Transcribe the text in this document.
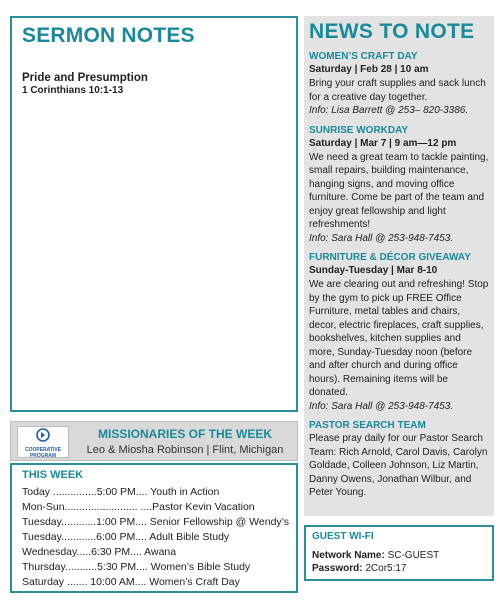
SERMON NOTES
Pride and Presumption
1 Corinthians 10:1-13
COOPERATIVE PROGRAM
MISSIONARIES OF THE WEEK
Leo & Miosha Robinson | Flint, Michigan
THIS WEEK
Today ...............5:00 PM.... Youth in Action
Mon-Sun......................... ....Pastor Kevin Vacation
Tuesday............1:00 PM.... Senior Fellowship @ Wendy’s
Tuesday............6:00 PM.... Adult Bible Study
Wednesday.....6:30 PM.... Awana
Thursday...........5:30 PM.... Women’s Bible Study
Saturday ....... 10:00 AM.... Women’s Craft Day
NEWS TO NOTE
WOMEN’S CRAFT DAY
Saturday | Feb 28 | 10 am
Bring your craft supplies and sack lunch for a creative day together.
Info: Lisa Barrett @ 253– 820-3386.
SUNRISE WORKDAY
Saturday | Mar 7 | 9 am—12 pm
We need a great team to tackle painting, small repairs, building maintenance, hanging signs, and moving office furniture. Come be part of the team and enjoy great fellowship and light refreshments!
Info: Sara Hall @ 253-948-7453.
FURNITURE & DÉCOR GIVEAWAY
Sunday-Tuesday | Mar 8-10
We are clearing out and refreshing! Stop by the gym to pick up FREE Office Furniture, metal tables and chairs, decor, electric fireplaces, craft supplies, bookshelves, kitchen supplies and more, Sunday-Tuesday noon (before and after church and during office hours). Remaining items will be donated.
Info: Sara Hall @ 253-948-7453.
PASTOR SEARCH TEAM
Please pray daily for our Pastor Search Team: Rich Arnold, Carol Davis, Carolyn Goldade, Colleen Johnson, Liz Martin, Danny Owens, Jonathan Wilbur, and Peter Young.
GUEST WI-FI
Network Name: SC-GUEST
Password: 2Cor5:17
